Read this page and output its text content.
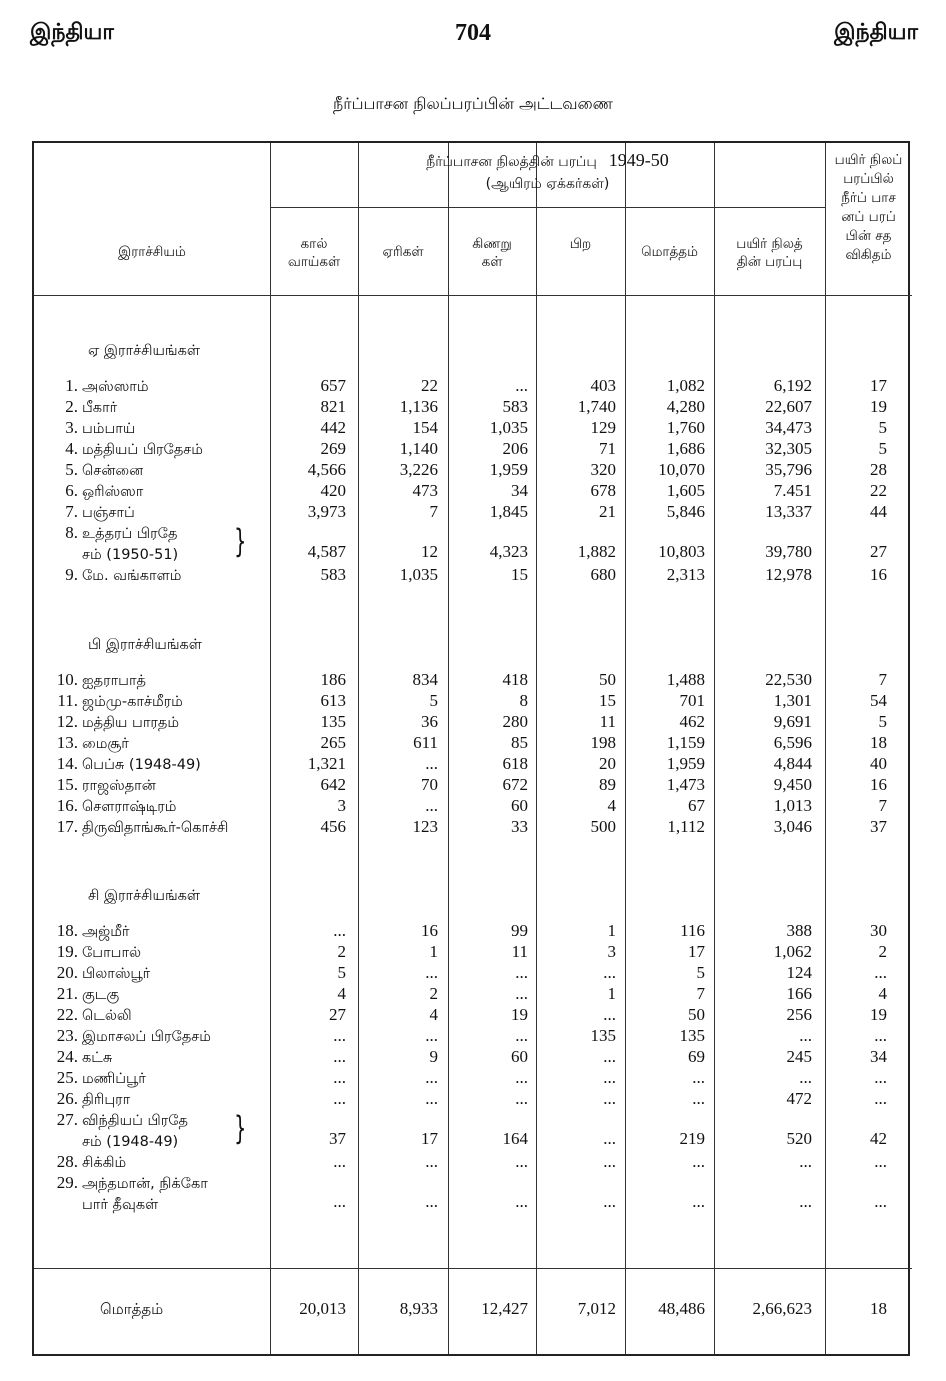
இந்தியா	704	இந்தியா
நீர்ப்பாசன நிலப்பரப்பின் அட்டவணை
நீர்ப்பாசன நிலத்தின் பரப்பு 1949-50
(ஆயிரம் ஏக்கர்கள்)
இராச்சியம்	கால்
வாய்கள்
ஏரிகள்	கிணறு
கள்
பிற	மொத்தம்	பயிர் நிலத்
தின் பரப்பு
பயிர் நிலப்
பரப்பில்
நீர்ப் பாச
னப் பரப்
பின் சத
விகிதம்
ஏ இராச்சியங்கள்
பி இராச்சியங்கள்
சி இராச்சியங்கள்
1. அஸ்ஸாம்	657	22	...	403	1,082	6,192	17
2. பீகார்	821	1,136	583	1,740	4,280	22,607	19
3. பம்பாய்	442	154	1,035	129	1,760	34,473	5
4. மத்தியப் பிரதேசம்	269	1,140	206	71	1,686	32,305	5
5. சென்னை	4,566	3,226	1,959	320	10,070	35,796	28
6. ஒரிஸ்ஸா	420	473	34	678	1,605	7.451	22
7. பஞ்சாப்	3,973	7	1,845	21	5,846	13,337	44
}
8. உத்தரப் பிரதே
சம் (1950-51)	4,587	12	4,323	1,882	10,803	39,780	27
9. மே. வங்காளம்	583	1,035	15	680	2,313	12,978	16
10. ஐதராபாத்	186	834	418	50	1,488	22,530	7
11. ஜம்மு-காச்மீரம்	613	5	8	15	701	1,301	54
12. மத்திய பாரதம்	135	36	280	11	462	9,691	5
13. மைசூர்	265	611	85	198	1,159	6,596	18
14. பெப்சு (1948-49)	1,321	...	618	20	1,959	4,844	40
15. ராஜஸ்தான்	642	70	672	89	1,473	9,450	16
16. சௌராஷ்டிரம்	3	...	60	4	67	1,013	7
17. திருவிதாங்கூர்-கொச்சி	456	123	33	500	1,112	3,046	37
18. அஜ்மீர்	...	16	99	1	116	388	30
19. போபால்	2	1	11	3	17	1,062	2
20. பிலாஸ்பூர்	5	...	...	...	5	124	...
21. குடகு	4	2	...	1	7	166	4
22. டெல்லி	27	4	19	...	50	256	19
23. இமாசலப் பிரதேசம்	...	...	...	135	135	...	...
24. கட்சு	...	9	60	...	69	245	34
25. மணிப்பூர்	...	...	...	...	...	...	...
26. திரிபுரா	...	...	...	...	...	472	...
}
27. விந்தியப் பிரதே
சம் (1948-49)	37	17	164	...	219	520	42
28. சிக்கிம்	...	...	...	...	...	...	...
29. அந்தமான், நிக்கோ
பார் தீவுகள்	...	...	...	...	...	...	...
மொத்தம்	20,013	8,933	12,427	7,012	48,486	2,66,623	18
